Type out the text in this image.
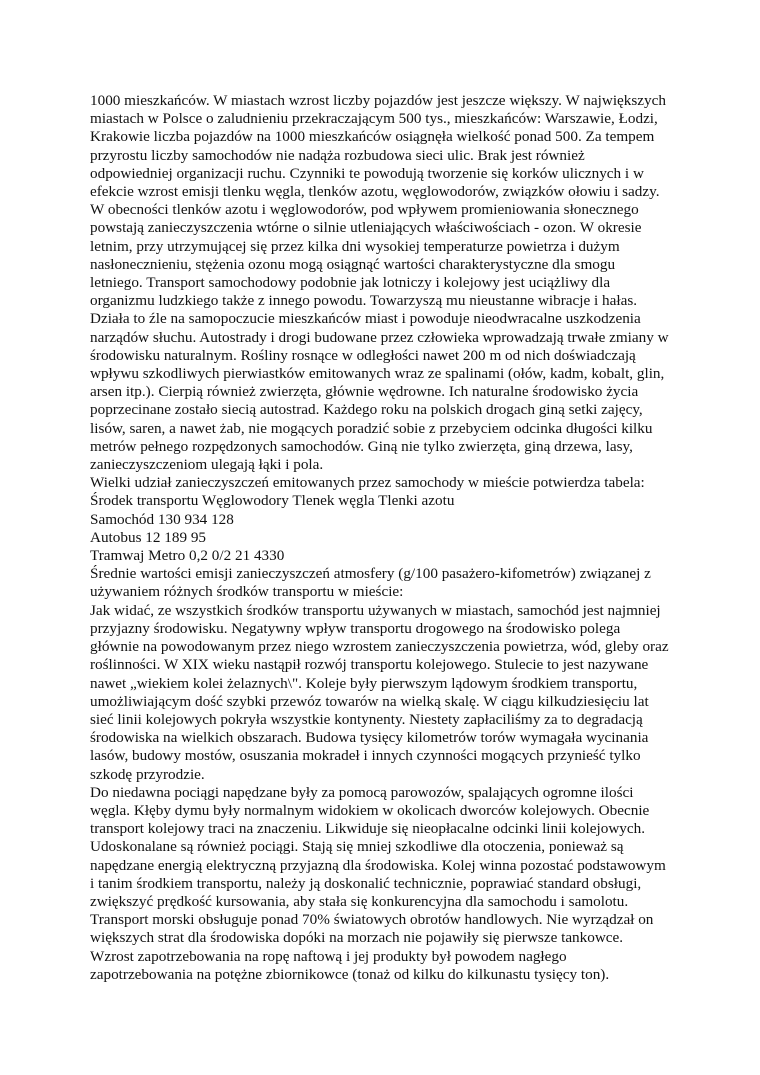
1000 mieszkańców. W miastach wzrost liczby pojazdów jest jeszcze większy. W największych miastach w Polsce o zaludnieniu przekraczającym 500 tys., mieszkańców: Warszawie, Łodzi, Krakowie liczba pojazdów na 1000 mieszkańców osiągnęła wielkość ponad 500. Za tempem przyrostu liczby samochodów nie nadąża rozbudowa sieci ulic. Brak jest również odpowiedniej organizacji ruchu. Czynniki te powodują tworzenie się korków ulicznych i w efekcie wzrost emisji tlenku węgla, tlenków azotu, węglowodorów, związków ołowiu i sadzy. W obecności tlenków azotu i węglowodorów, pod wpływem promieniowania słonecznego powstają zanieczyszczenia wtórne o silnie utleniających właściwościach - ozon. W okresie letnim, przy utrzymującej się przez kilka dni wysokiej temperaturze powietrza i dużym nasłonecznieniu, stężenia ozonu mogą osiągnąć wartości charakterystyczne dla smogu letniego. Transport samochodowy podobnie jak lotniczy i kolejowy jest uciążliwy dla organizmu ludzkiego także z innego powodu. Towarzyszą mu nieustanne wibracje i hałas. Działa to źle na samopoczucie mieszkańców miast i powoduje nieodwracalne uszkodzenia narządów słuchu. Autostrady i drogi budowane przez człowieka wprowadzają trwałe zmiany w środowisku naturalnym. Rośliny rosnące w odległości nawet 200 m od nich doświadczają wpływu szkodliwych pierwiastków emitowanych wraz ze spalinami (ołów, kadm, kobalt, glin, arsen itp.). Cierpią również zwierzęta, głównie wędrowne. Ich naturalne środowisko życia poprzecinane zostało siecią autostrad. Każdego roku na polskich drogach giną setki zajęcy, lisów, saren, a nawet żab, nie mogących poradzić sobie z przebyciem odcinka długości kilku metrów pełnego rozpędzonych samochodów. Giną nie tylko zwierzęta, giną drzewa, lasy, zanieczyszczeniom ulegają łąki i pola.

Wielki udział zanieczyszczeń emitowanych przez samochody w mieście potwierdza tabela:

Środek transportu Węglowodory Tlenek węgla Tlenki azotu

Samochód 130 934 128

Autobus 12 189 95

Tramwaj Metro 0,2 0/2 21 4330

Średnie wartości emisji zanieczyszczeń atmosfery (g/100 pasażero-kifometrów) związanej z używaniem różnych środków transportu w mieście:

Jak widać, ze wszystkich środków transportu używanych w miastach, samochód jest najmniej przyjazny środowisku. Negatywny wpływ transportu drogowego na środowisko polega głównie na powodowanym przez niego wzrostem zanieczyszczenia powietrza, wód, gleby oraz roślinności. W XIX wieku nastąpił rozwój transportu kolejowego. Stulecie to jest nazywane nawet „wiekiem kolei żelaznych\". Koleje były pierwszym lądowym środkiem transportu, umożliwiającym dość szybki przewóz towarów na wielką skalę. W ciągu kilkudziesięciu lat sieć linii kolejowych pokryła wszystkie kontynenty. Niestety zapłaciliśmy za to degradacją środowiska na wielkich obszarach. Budowa tysięcy kilometrów torów wymagała wycinania lasów, budowy mostów, osuszania mokradeł i innych czynności mogących przynieść tylko szkodę przyrodzie.

Do niedawna pociągi napędzane były za pomocą parowozów, spalających ogromne ilości węgla. Kłęby dymu były normalnym widokiem w okolicach dworców kolejowych. Obecnie transport kolejowy traci na znaczeniu. Likwiduje się nieopłacalne odcinki linii kolejowych. Udoskonalane są również pociągi. Stają się mniej szkodliwe dla otoczenia, ponieważ są napędzane energią elektryczną przyjazną dla środowiska. Kolej winna pozostać podstawowym i tanim środkiem transportu, należy ją doskonalić technicznie, poprawiać standard obsługi, zwiększyć prędkość kursowania, aby stała się konkurencyjna dla samochodu i samolotu.

Transport morski obsługuje ponad 70% światowych obrotów handlowych. Nie wyrządzał on większych strat dla środowiska dopóki na morzach nie pojawiły się pierwsze tankowce. Wzrost zapotrzebowania na ropę naftową i jej produkty był powodem nagłego zapotrzebowania na potężne zbiornikowce (tonaż od kilku do kilkunastu tysięcy ton).
